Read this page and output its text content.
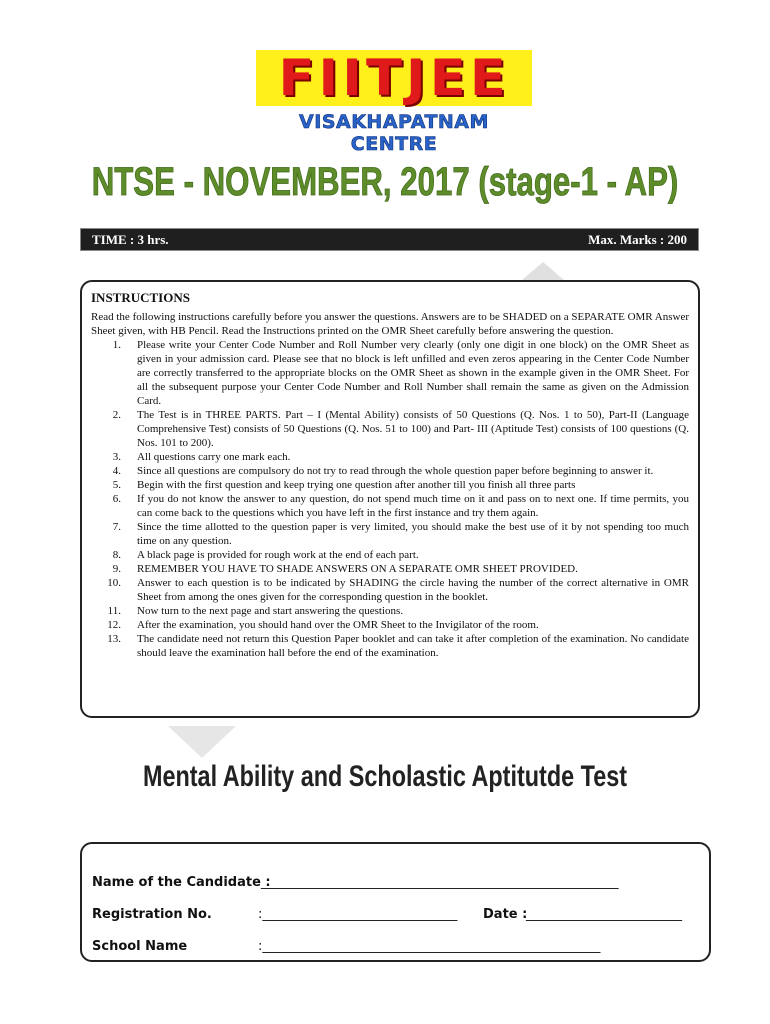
FIITJEE
VISAKHAPATNAM CENTRE
NTSE - NOVEMBER, 2017 (stage-1 - AP)
TIME : 3 hrs.	Max. Marks : 200
INSTRUCTIONS
Read the following instructions carefully before you answer the questions. Answers are to be SHADED on a SEPARATE OMR Answer Sheet given, with HB Pencil. Read the Instructions printed on the OMR Sheet carefully before answering the question.
1.	Please write your Center Code Number and Roll Number very clearly (only one digit in one block) on the OMR Sheet as given in your admission card. Please see that no block is left unfilled and even zeros appearing in the Center Code Number are correctly transferred to the appropriate blocks on the OMR Sheet as shown in the example given in the OMR Sheet. For all the subsequent purpose your Center Code Number and Roll Number shall remain the same as given on the Admission Card.
2.	The Test is in THREE PARTS. Part – I (Mental Ability) consists of 50 Questions (Q. Nos. 1 to 50), Part-II (Language Comprehensive Test) consists of 50 Questions (Q. Nos. 51 to 100) and Part- III (Aptitude Test) consists of 100 questions (Q. Nos. 101 to 200).
3.	All questions carry one mark each.
4.	Since all questions are compulsory do not try to read through the whole question paper before beginning to answer it.
5.	Begin with the first question and keep trying one question after another till you finish all three parts
6.	If you do not know the answer to any question, do not spend much time on it and pass on to next one. If time permits, you can come back to the questions which you have left in the first instance and try them again.
7.	Since the time allotted to the question paper is very limited, you should make the best use of it by not spending too much time on any question.
8.	A black page is provided for rough work at the end of each part.
9.	REMEMBER YOU HAVE TO SHADE ANSWERS ON A SEPARATE OMR SHEET PROVIDED.
10.	Answer to each question is to be indicated by SHADING the circle having the number of the correct alternative in OMR Sheet from among the ones given for the corresponding question in the booklet.
11.	Now turn to the next page and start answering the questions.
12.	After the examination, you should hand over the OMR Sheet to the Invigilator of the room.
13.	The candidate need not return this Question Paper booklet and can take it after completion of the examination. No candidate should leave the examination hall before the end of the examination.
Mental Ability and Scholastic Aptitutde Test
Name of the Candidate :
_______________________________________________________
Registration No.	:______________________________ Date :
________________________
School Name	:____________________________________________________
